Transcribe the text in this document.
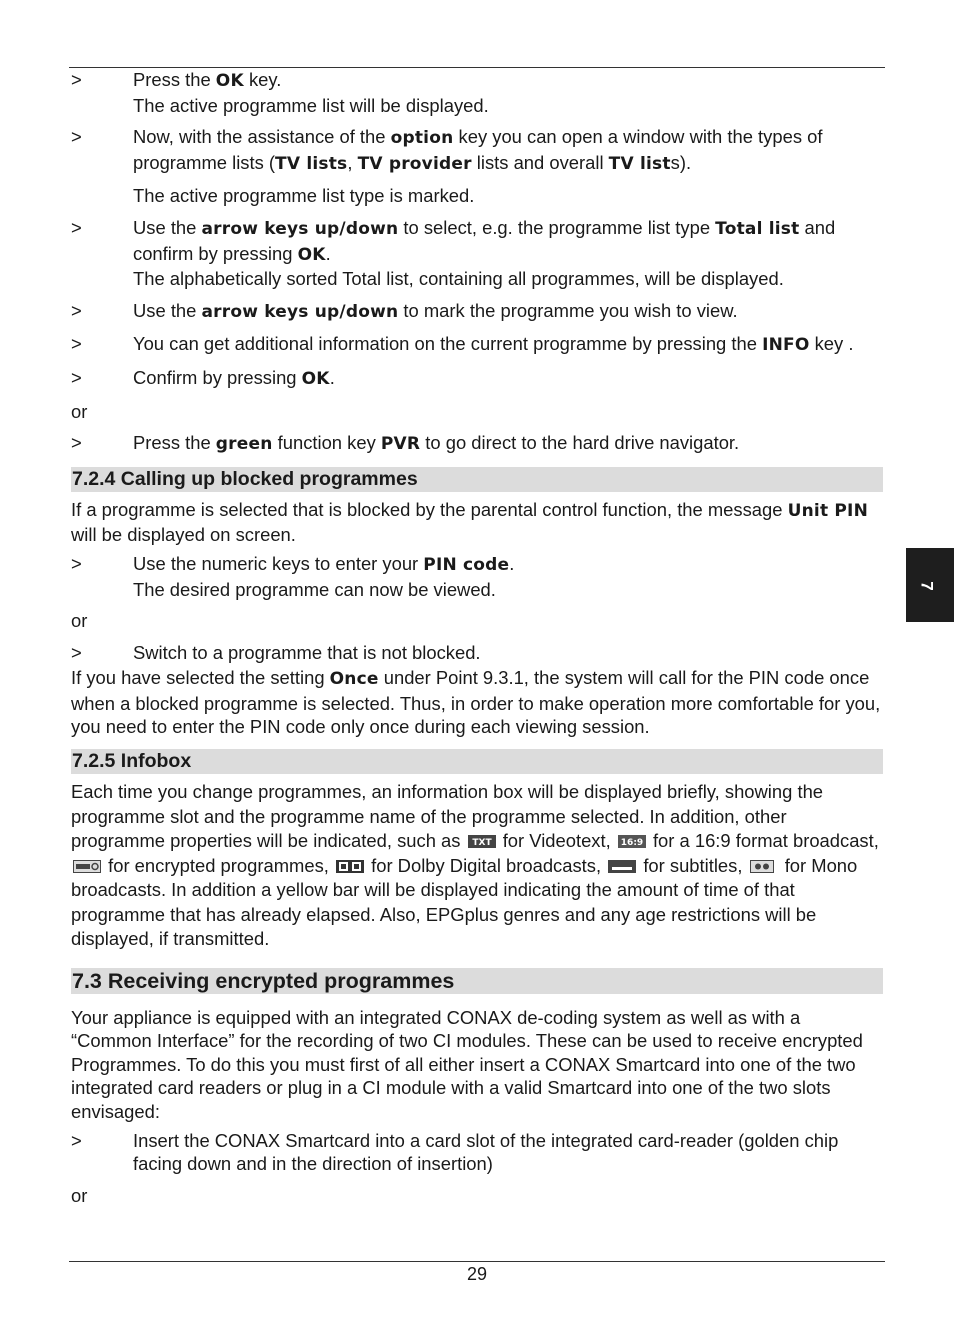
>	Press the OK key.

The active programme list will be displayed.

>	Now, with the assistance of the option key you can open a window with the types of programme lists (TV lists, TV provider lists and overall TV lists).

The active programme list type is marked.

>	Use the arrow keys up/down to select, e.g. the programme list type Total list and confirm by pressing OK.

The alphabetically sorted Total list, containing all programmes, will be displayed.

>	Use the arrow keys up/down to mark the programme you wish to view.

>	You can get additional information on the current programme by pressing the INFO key .

>	Confirm by pressing OK.

or

>	Press the green function key PVR to go direct to the hard drive navigator.

7.2.4 Calling up blocked programmes

If a programme is selected that is blocked by the parental control function, the message Unit PIN will be displayed on screen.

>	Use the numeric keys to enter your PIN code.

The desired programme can now be viewed.

or

>	Switch to a programme that is not blocked.

If you have selected the setting Once under Point 9.3.1, the system will call for the PIN code once when a blocked programme is selected. Thus, in order to make operation more comfortable for you, you need to enter the PIN code only once during each viewing session.

7.2.5 Infobox

Each time you change programmes, an information box will be displayed briefly, showing the programme slot and the programme name of the programme selected. In addition, other programme properties will be indicated, such as TXT for Videotext, 16:9 for a 16:9 format broadcast,  for encrypted programmes,  for Dolby Digital broadcasts,  for subtitles,  for Mono broadcasts. In addition a yellow bar will be displayed indicating the amount of time of that programme that has already elapsed. Also, EPGplus genres and any age restrictions will be displayed, if transmitted.

7.3 Receiving encrypted programmes

Your appliance is equipped with an integrated CONAX de-coding system as well as with a “Common Interface” for the recording of two CI modules. These can be used to receive encrypted Programmes. To do this you must first of all either insert a CONAX Smartcard into one of the two integrated card readers or plug in a CI module with a valid Smartcard into one of the two slots envisaged:

>	Insert the CONAX Smartcard into a card slot of the integrated card-reader (golden chip facing down and in the direction of insertion)

or

7
29
